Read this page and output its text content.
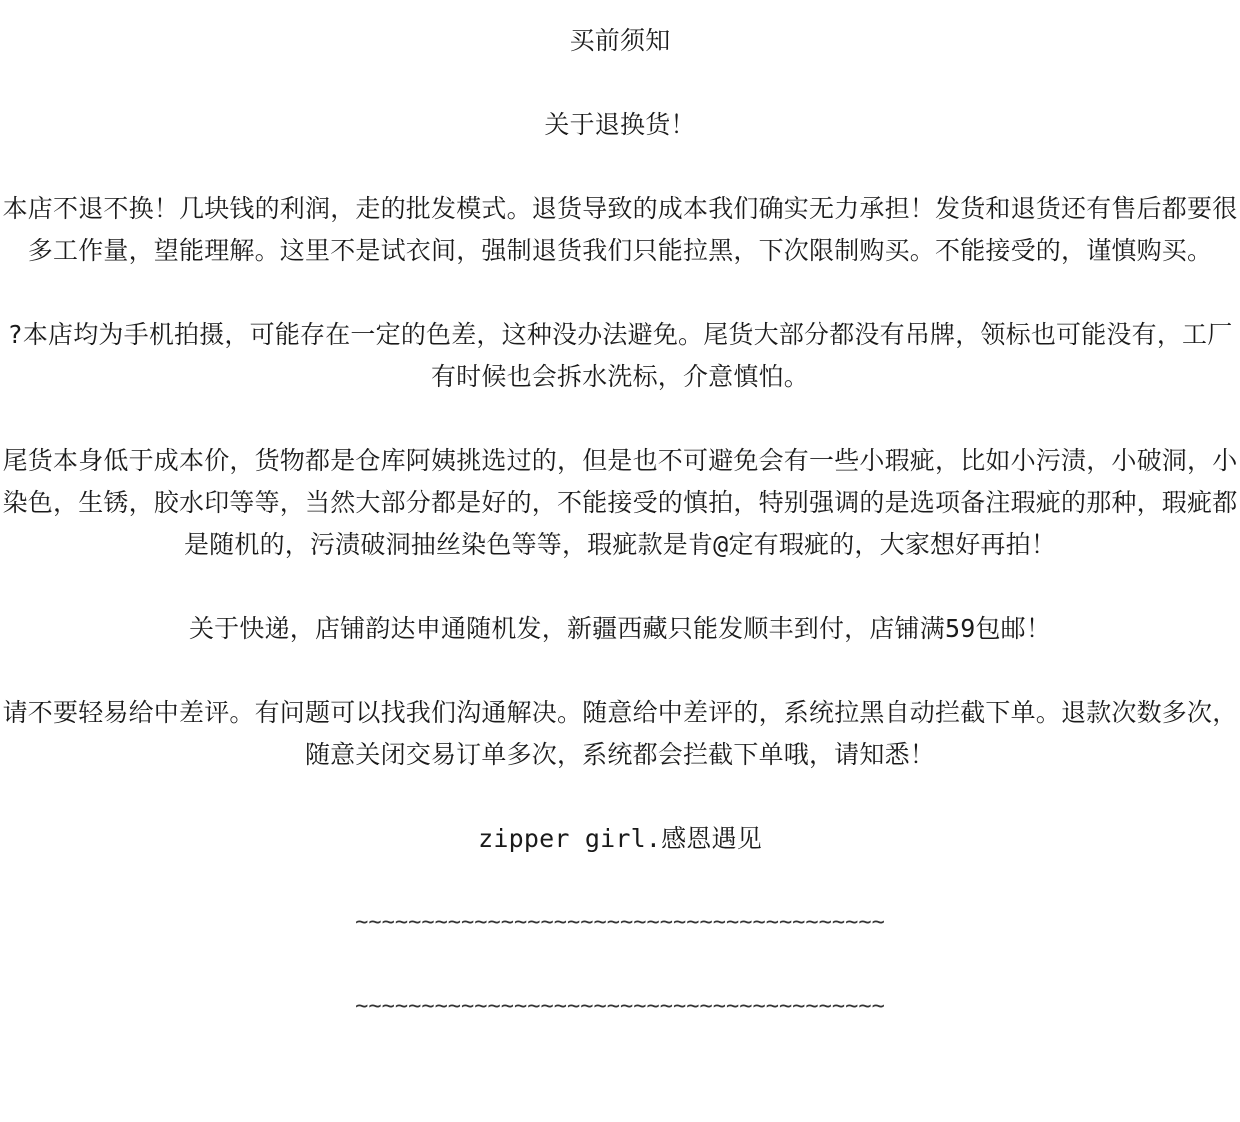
买前须知

关于退换货！

本店不退不换！几块钱的利润，走的批发模式。退货导致的成本我们确实无力承担！发货和退货还有售后都要很多工作量，望能理解。这里不是试衣间，强制退货我们只能拉黑，下次限制购买。不能接受的，谨慎购买。

?本店均为手机拍摄，可能存在一定的色差，这种没办法避免。尾货大部分都没有吊牌，领标也可能没有，工厂有时候也会拆水洗标，介意慎怕。

尾货本身低于成本价，货物都是仓库阿姨挑选过的，但是也不可避免会有一些小瑕疵，比如小污渍，小破洞，小染色，生锈，胶水印等等，当然大部分都是好的，不能接受的慎拍，特别强调的是选项备注瑕疵的那种，瑕疵都是随机的，污渍破洞抽丝染色等等，瑕疵款是肯@定有瑕疵的，大家想好再拍！

关于快递，店铺韵达申通随机发，新疆西藏只能发顺丰到付，店铺满59包邮！

请不要轻易给中差评。有问题可以找我们沟通解决。随意给中差评的，系统拉黑自动拦截下单。退款次数多次，随意关闭交易订单多次，系统都会拦截下单哦，请知悉！

zipper girl.感恩遇见

~~~~~~~~~~~~~~~~~~~~~~~~~~~~~~~~~~~~~~~~

~~~~~~~~~~~~~~~~~~~~~~~~~~~~~~~~~~~~~~~~
